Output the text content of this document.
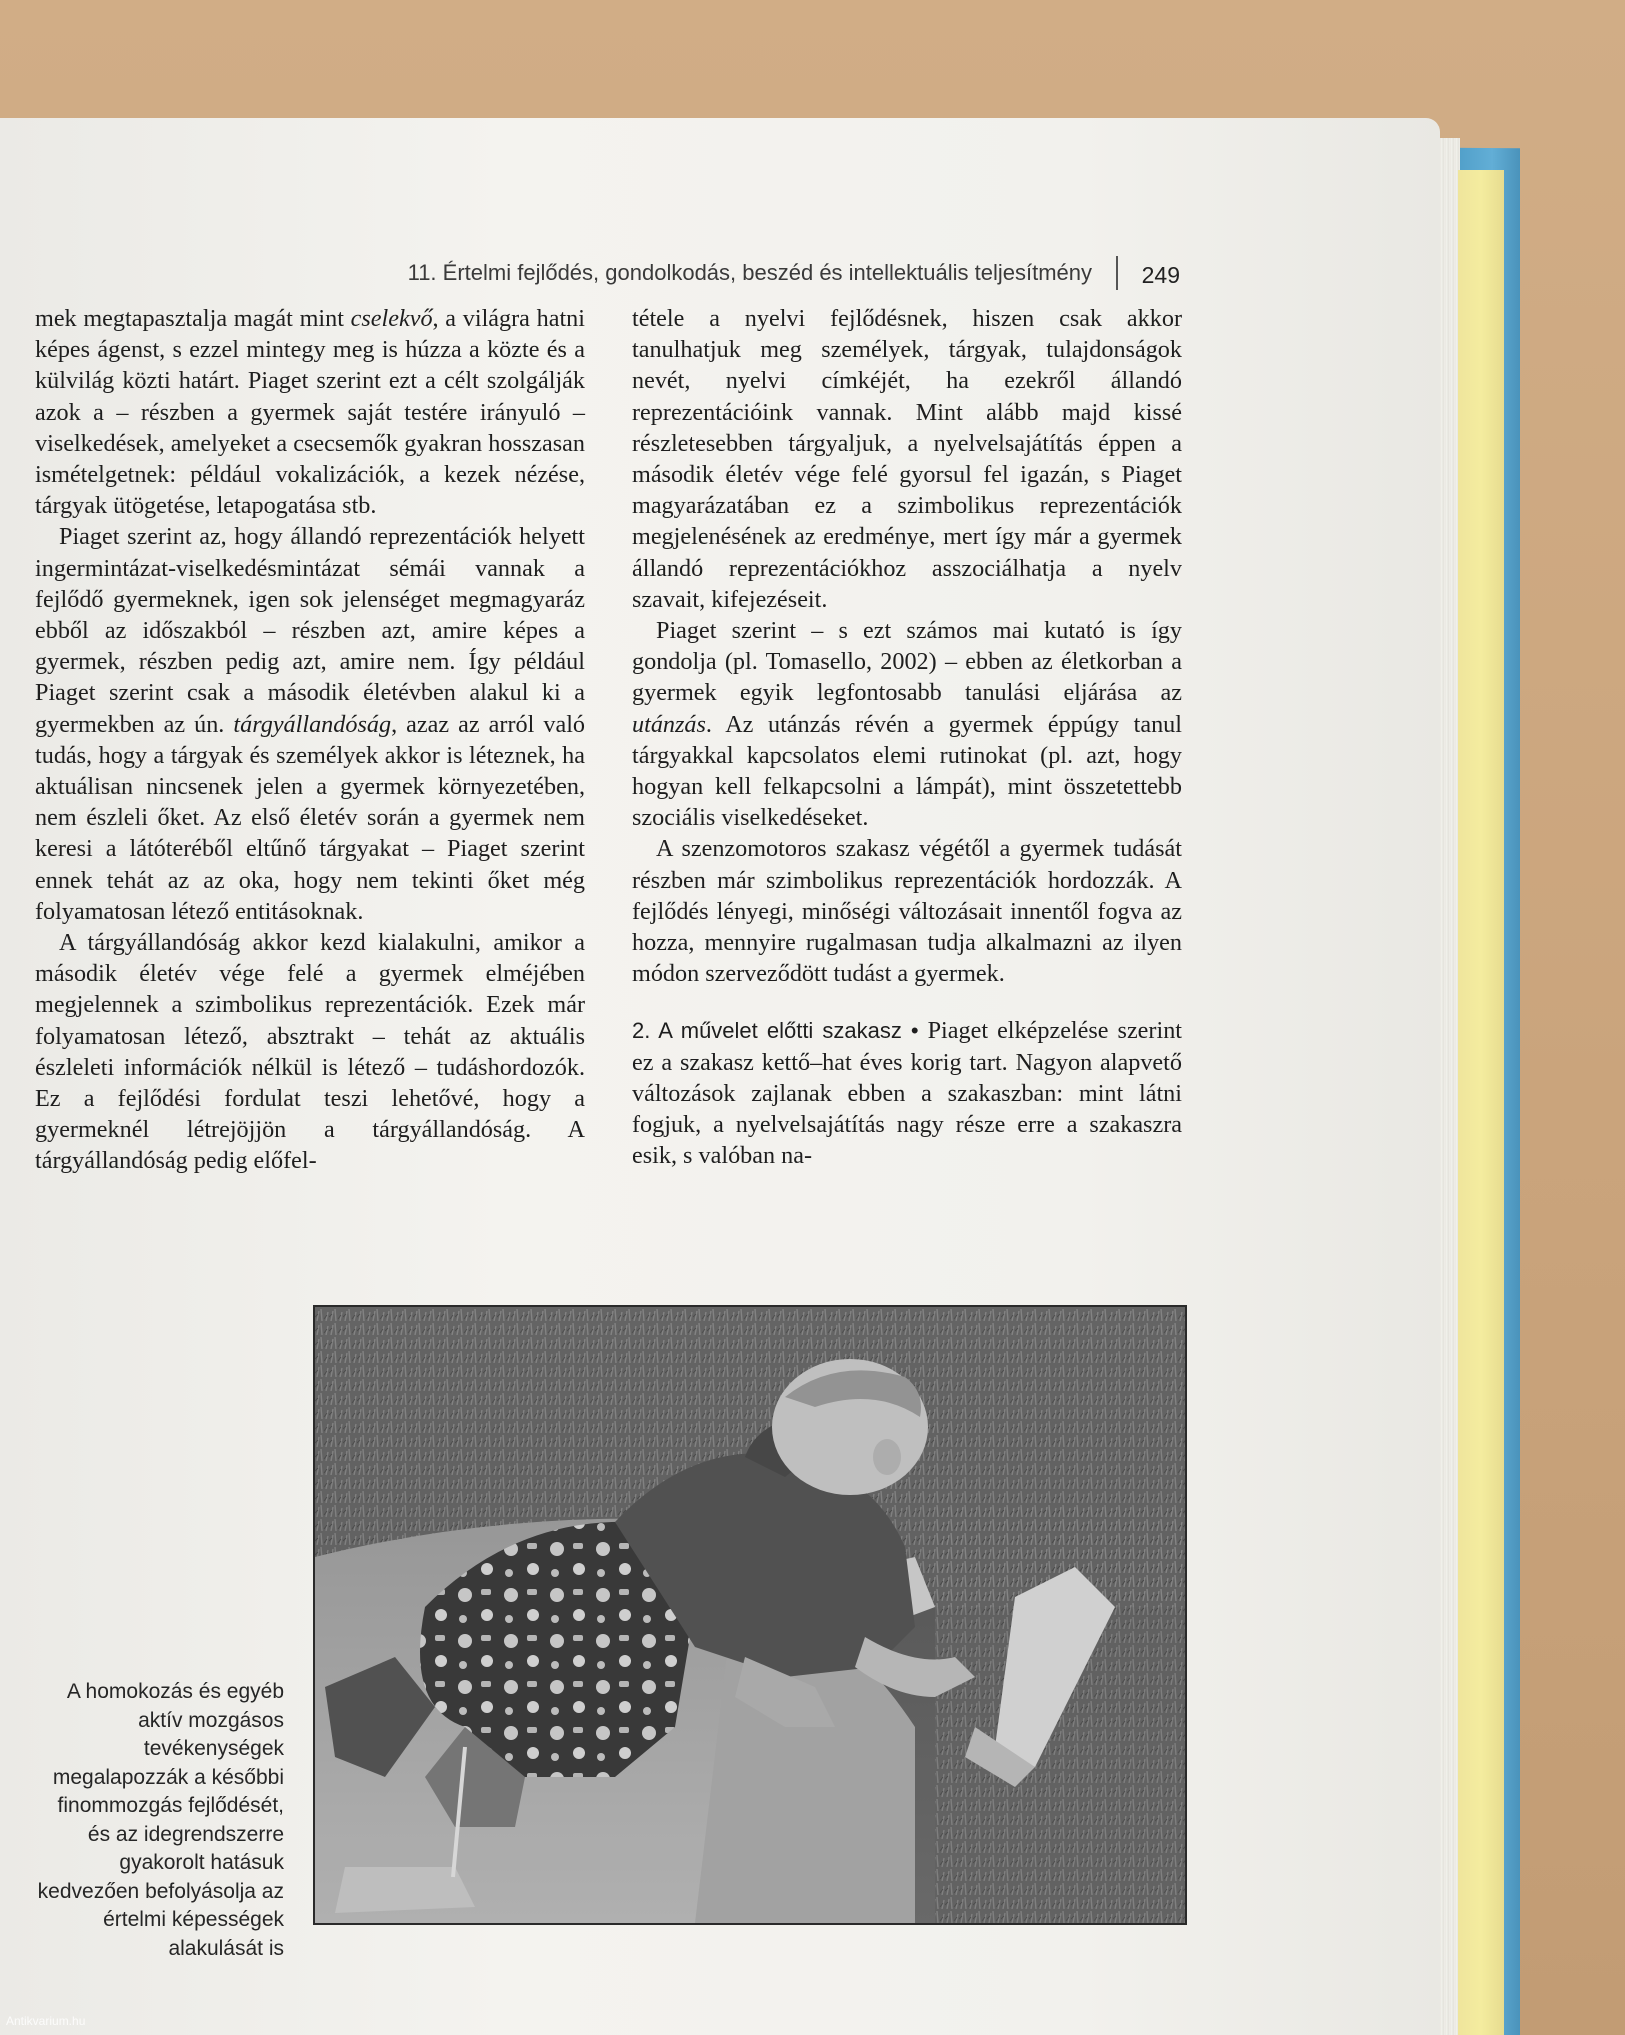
11. Értelmi fejlődés, gondolkodás, beszéd és intellektuális teljesítmény 249

mek megtapasztalja magát mint cselekvő, a világra hatni képes ágenst, s ezzel mintegy meg is húzza a közte és a külvilág közti határt. Piaget szerint ezt a célt szolgálják azok a – részben a gyermek saját testére irányuló – viselkedések, amelyeket a csecsemők gyakran hosszasan ismételgetnek: például vokalizációk, a kezek nézése, tárgyak ütögetése, letapogatása stb.

Piaget szerint az, hogy állandó reprezentációk helyett ingermintázat-viselkedésmintázat sémái vannak a fejlődő gyermeknek, igen sok jelenséget megmagyaráz ebből az időszakból – részben azt, amire képes a gyermek, részben pedig azt, amire nem. Így például Piaget szerint csak a második életévben alakul ki a gyermekben az ún. tárgyállandóság, azaz az arról való tudás, hogy a tárgyak és személyek akkor is léteznek, ha aktuálisan nincsenek jelen a gyermek környezetében, nem észleli őket. Az első életév során a gyermek nem keresi a látóteréből eltűnő tárgyakat – Piaget szerint ennek tehát az az oka, hogy nem tekinti őket még folyamatosan létező entitásoknak.

A tárgyállandóság akkor kezd kialakulni, amikor a második életév vége felé a gyermek elméjében megjelennek a szimbolikus reprezentációk. Ezek már folyamatosan létező, absztrakt – tehát az aktuális észleleti információk nélkül is létező – tudáshordozók. Ez a fejlődési fordulat teszi lehetővé, hogy a gyermeknél létrejöjjön a tárgyállandóság. A tárgyállandóság pedig előfel-

tétele a nyelvi fejlődésnek, hiszen csak akkor tanulhatjuk meg személyek, tárgyak, tulajdonságok nevét, nyelvi címkéjét, ha ezekről állandó reprezentációink vannak. Mint alább majd kissé részletesebben tárgyaljuk, a nyelvelsajátítás éppen a második életév vége felé gyorsul fel igazán, s Piaget magyarázatában ez a szimbolikus reprezentációk megjelenésének az eredménye, mert így már a gyermek állandó reprezentációkhoz asszociálhatja a nyelv szavait, kifejezéseit.

Piaget szerint – s ezt számos mai kutató is így gondolja (pl. Tomasello, 2002) – ebben az életkorban a gyermek egyik legfontosabb tanulási eljárása az utánzás. Az utánzás révén a gyermek éppúgy tanul tárgyakkal kapcsolatos elemi rutinokat (pl. azt, hogy hogyan kell felkapcsolni a lámpát), mint összetettebb szociális viselkedéseket.

A szenzomotoros szakasz végétől a gyermek tudását részben már szimbolikus reprezentációk hordozzák. A fejlődés lényegi, minőségi változásait innentől fogva az hozza, mennyire rugalmasan tudja alkalmazni az ilyen módon szerveződött tudást a gyermek.

2. A művelet előtti szakasz • Piaget elképzelése szerint ez a szakasz kettő–hat éves korig tart. Nagyon alapvető változások zajlanak ebben a szakaszban: mint látni fogjuk, a nyelvelsajátítás nagy része erre a szakaszra esik, s valóban na-

A homokozás és egyéb aktív mozgásos tevékenységek megalapozzák a későbbi finommozgás fejlődését, és az idegrendszerre gyakorolt hatásuk kedvezően befolyásolja az értelmi képességek alakulását is
Antikvarium.hu
